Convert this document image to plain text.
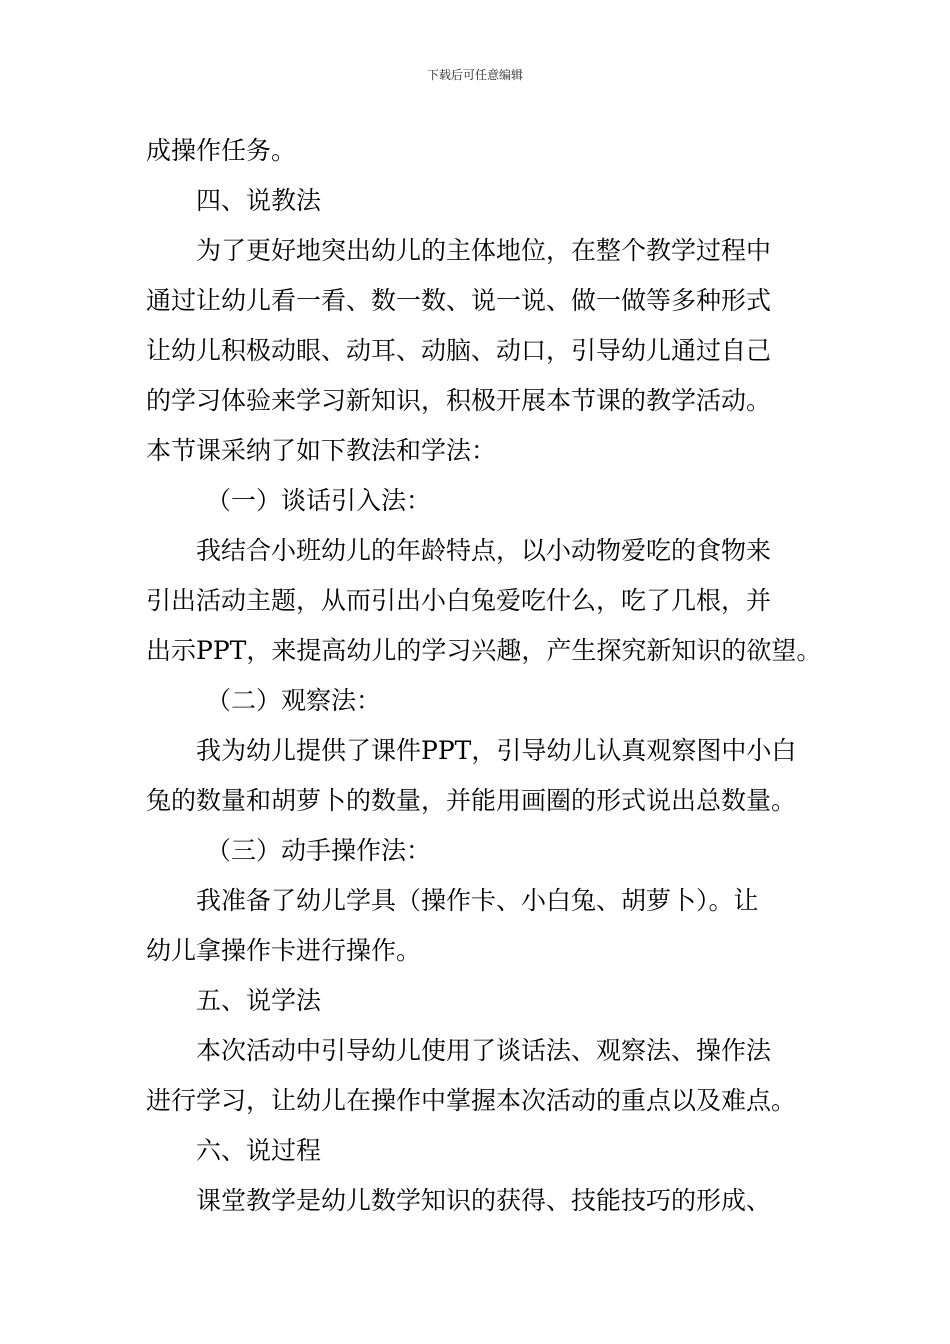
下载后可任意编辑
成操作任务。
四、说教法
为了更好地突出幼儿的主体地位，在整个教学过程中
通过让幼儿看一看、数一数、说一说、做一做等多种形式
让幼儿积极动眼、动耳、动脑、动口，引导幼儿通过自己
的学习体验来学习新知识，积极开展本节课的教学活动。
本节课采纳了如下教法和学法：
（一）谈话引入法：
我结合小班幼儿的年龄特点，以小动物爱吃的食物来
引出活动主题，从而引出小白兔爱吃什么，吃了几根，并
出示PPT，来提高幼儿的学习兴趣，产生探究新知识的欲望。
（二）观察法：
我为幼儿提供了课件PPT，引导幼儿认真观察图中小白
兔的数量和胡萝卜的数量，并能用画圈的形式说出总数量。
（三）动手操作法：
我准备了幼儿学具（操作卡、小白兔、胡萝卜）。让
幼儿拿操作卡进行操作。
五、说学法
本次活动中引导幼儿使用了谈话法、观察法、操作法
进行学习，让幼儿在操作中掌握本次活动的重点以及难点。
六、说过程
课堂教学是幼儿数学知识的获得、技能技巧的形成、
